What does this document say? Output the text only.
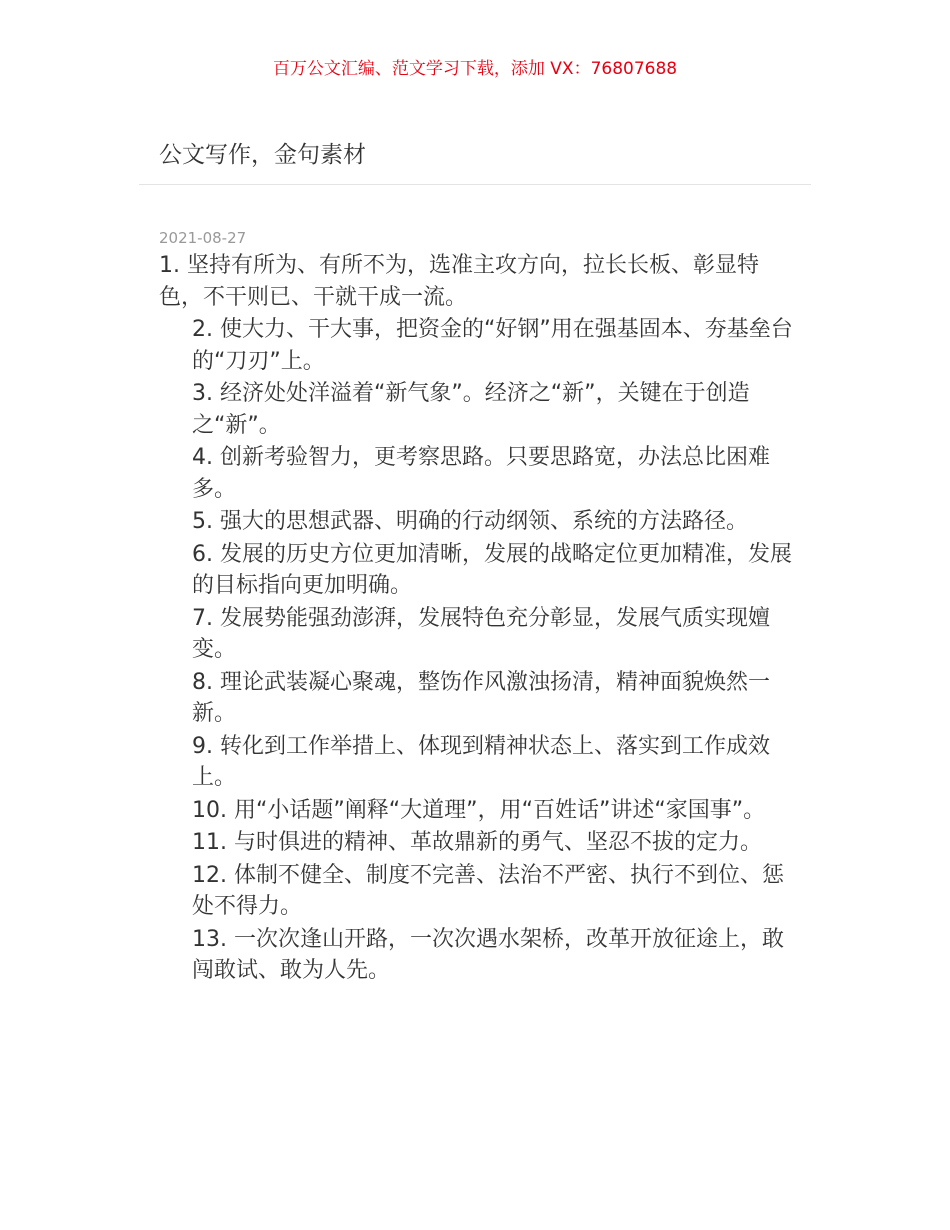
百万公文汇编、范文学习下载，添加 VX：76807688
公文写作，金句素材
2021-08-27
1. 坚持有所为、有所不为，选准主攻方向，拉长长板、彰显特色，不干则已、干就干成一流。
2. 使大力、干大事，把资金的“好钢”用在强基固本、夯基垒台的“刀刃”上。
3. 经济处处洋溢着“新气象”。经济之“新”，关键在于创造之“新”。
4. 创新考验智力，更考察思路。只要思路宽，办法总比困难多。
5. 强大的思想武器、明确的行动纲领、系统的方法路径。
6. 发展的历史方位更加清晰，发展的战略定位更加精准，发展的目标指向更加明确。
7. 发展势能强劲澎湃，发展特色充分彰显，发展气质实现嬗变。
8. 理论武装凝心聚魂，整饬作风激浊扬清，精神面貌焕然一新。
9. 转化到工作举措上、体现到精神状态上、落实到工作成效上。
10. 用“小话题”阐释“大道理”，用“百姓话”讲述“家国事”。
11. 与时俱进的精神、革故鼎新的勇气、坚忍不拔的定力。
12. 体制不健全、制度不完善、法治不严密、执行不到位、惩处不得力。
13. 一次次逢山开路，一次次遇水架桥，改革开放征途上，敢闯敢试、敢为人先。
